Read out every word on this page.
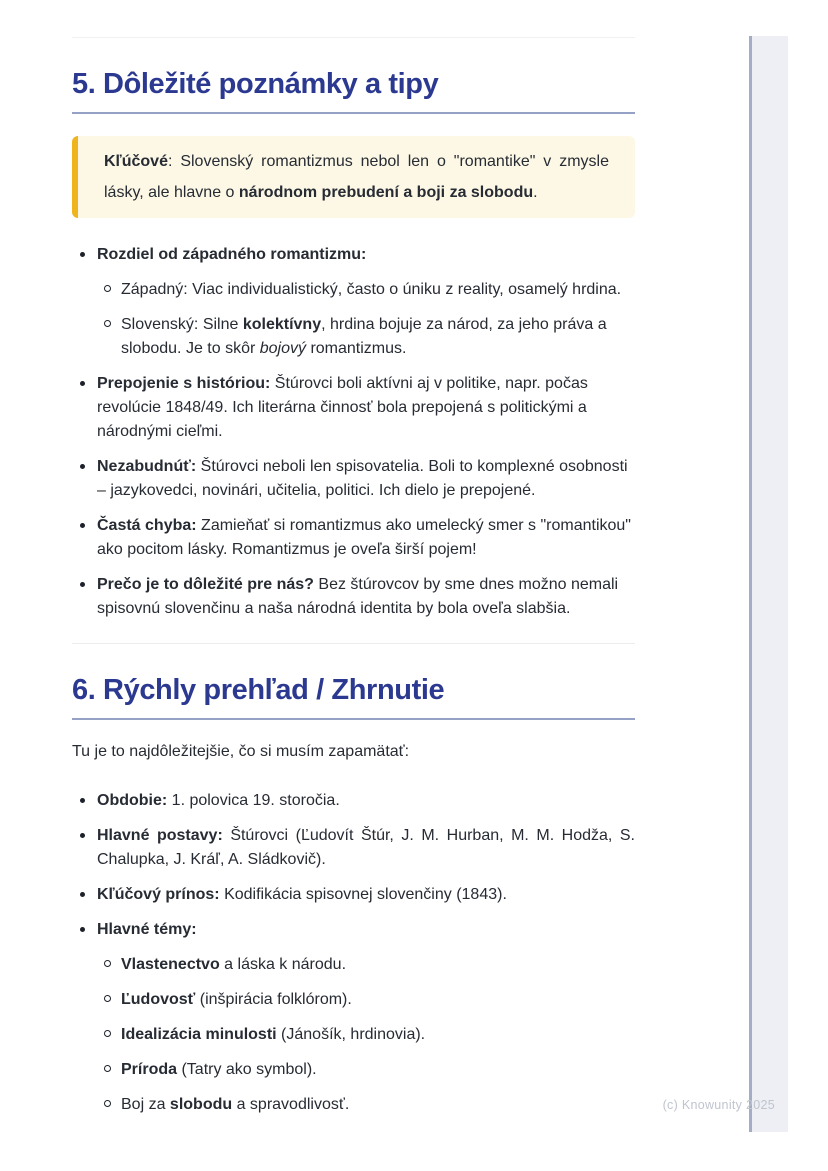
5. Dôležité poznámky a tipy

Kľúčové: Slovenský romantizmus nebol len o "romantike" v zmysle lásky, ale hlavne o národnom prebudení a boji za slobodu.

Rozdiel od západného romantizmu:
Západný: Viac individualistický, často o úniku z reality, osamelý hrdina.
Slovenský: Silne kolektívny, hrdina bojuje za národ, za jeho práva a slobodu. Je to skôr bojový romantizmus.
Prepojenie s históriou: Štúrovci boli aktívni aj v politike, napr. počas revolúcie 1848/49. Ich literárna činnosť bola prepojená s politickými a národnými cieľmi.
Nezabudnúť: Štúrovci neboli len spisovatelia. Boli to komplexné osobnosti – jazykovedci, novinári, učitelia, politici. Ich dielo je prepojené.
Častá chyba: Zamieňať si romantizmus ako umelecký smer s "romantikou" ako pocitom lásky. Romantizmus je oveľa širší pojem!
Prečo je to dôležité pre nás? Bez štúrovcov by sme dnes možno nemali spisovnú slovenčinu a naša národná identita by bola oveľa slabšia.
6. Rýchly prehľad / Zhrnutie

Tu je to najdôležitejšie, čo si musím zapamätať:

Obdobie: 1. polovica 19. storočia.
Hlavné postavy: Štúrovci (Ľudovít Štúr, J. M. Hurban, M. M. Hodža, S. Chalupka, J. Kráľ, A. Sládkovič).
Kľúčový prínos: Kodifikácia spisovnej slovenčiny (1843).
Hlavné témy:
Vlastenectvo a láska k národu.
Ľudovosť (inšpirácia folklórom).
Idealizácia minulosti (Jánošík, hrdinovia).
Príroda (Tatry ako symbol).
Boj za slobodu a spravodlivosť.	(c) Knowunity 2025
